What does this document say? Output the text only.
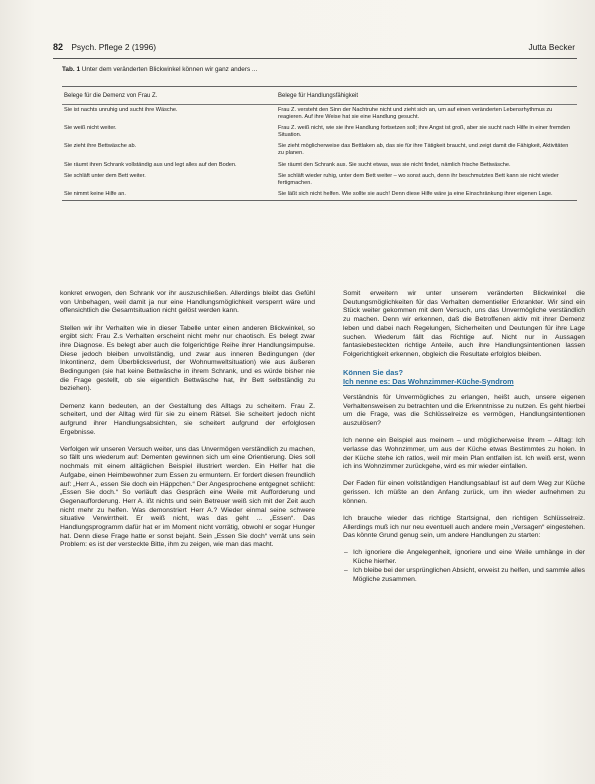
82 Psych. Pflege 2 (1996)	Jutta Becker
Tab. 1 Unter dem veränderten Blickwinkel können wir ganz anders ...
Belege für die Demenz von Frau Z.	Belege für Handlungsfähigkeit
Sie ist nachts unruhig und sucht ihre Wäsche.	Frau Z. versteht den Sinn der Nachtruhe nicht und zieht sich an, um auf einen veränderten Lebensrhythmus zu reagieren. Auf ihre Weise hat sie eine Handlung gesucht.
Sie weiß nicht weiter.	Frau Z. weiß nicht, wie sie ihre Handlung fortsetzen soll; ihre Angst ist groß, aber sie sucht nach Hilfe in einer fremden Situation.
Sie zieht ihre Bettwäsche ab.	Sie zieht möglicherweise das Bettlaken ab, das sie für ihre Tätigkeit braucht, und zeigt damit die Fähigkeit, Aktivitäten zu planen.
Sie räumt ihren Schrank vollständig aus und legt alles auf den Boden.	Sie räumt den Schrank aus. Sie sucht etwas, was sie nicht findet, nämlich frische Bettwäsche.
Sie schläft unter dem Bett weiter.	Sie schläft wieder ruhig, unter dem Bett weiter – wo sonst auch, denn ihr beschmutztes Bett kann sie nicht wieder fertigmachen.
Sie nimmt keine Hilfe an.	Sie läßt sich nicht helfen. Wie sollte sie auch! Denn diese Hilfe wäre ja eine Einschränkung ihrer eigenen Lage.

konkret erwogen, den Schrank vor ihr auszuschließen. Allerdings bleibt das Gefühl von Unbehagen, weil damit ja nur eine Handlungsmöglichkeit versperrt wäre und offensichtlich die Gesamtsituation nicht gelöst werden kann.

Stellen wir ihr Verhalten wie in dieser Tabelle unter einen anderen Blickwinkel, so ergibt sich: Frau Z.s Verhalten erscheint nicht mehr nur chaotisch. Es belegt zwar ihre Diagnose. Es belegt aber auch die folgerichtige Reihe ihrer Handlungsimpulse. Diese jedoch bleiben unvollständig, und zwar aus inneren Bedingungen (der Inkontinenz, dem Überblicksverlust, der Wohnumweltsituation) wie aus äußeren Bedingungen (sie hat keine Bettwäsche in ihrem Schrank, und es würde bisher nie die Frage gestellt, ob sie eigentlich Bettwäsche hat, ihr Bett selbständig zu beziehen).

Demenz kann bedeuten, an der Gestaltung des Alltags zu scheitern. Frau Z. scheitert, und der Alltag wird für sie zu einem Rätsel. Sie scheitert jedoch nicht aufgrund ihrer Handlungsabsichten, sie scheitert aufgrund der erfolglosen Ergebnisse.

Verfolgen wir unseren Versuch weiter, uns das Unvermögen verständlich zu machen, so fällt uns wiederum auf: Dementen gewinnen sich um eine Orientierung. Dies soll nochmals mit einem alltäglichen Beispiel illustriert werden. Ein Helfer hat die Aufgabe, einen Heimbewohner zum Essen zu ermuntern. Er fordert diesen freundlich auf: „Herr A., essen Sie doch ein Häppchen.“ Der Angesprochene entgegnet schlicht: „Essen Sie doch.“ So verläuft das Gespräch eine Weile mit Aufforderung und Gegenaufforderung. Herr A. ißt nichts und sein Betreuer weiß sich mit der Zeit auch nicht mehr zu helfen. Was demonstriert Herr A.? Wieder einmal seine schwere situative Verwirrtheit. Er weiß nicht, was das geht ... „Essen“. Das Handlungsprogramm dafür hat er im Moment nicht vorrätig, obwohl er sogar Hunger hat. Denn diese Frage hatte er sonst bejaht. Sein „Essen Sie doch“ verrät uns sein Problem: es ist der versteckte Bitte, ihm zu zeigen, wie man das macht.

Somit erweitern wir unter unserem veränderten Blickwinkel die Deutungsmöglichkeiten für das Verhalten dementieller Erkrankter. Wir sind ein Stück weiter gekommen mit dem Versuch, uns das Unvermögliche verständlich zu machen. Denn wir erkennen, daß die Betroffenen aktiv mit ihrer Demenz leben und dabei nach Regelungen, Sicherheiten und Deutungen für ihre Lage suchen. Wiederum fällt das Richtige auf. Nicht nur in Aussagen fantasiebesteckten richtige Anteile, auch ihre Handlungsintentionen lassen Folgerichtigkeit erkennen, obgleich die Resultate erfolglos bleiben.

Können Sie das?
Ich nenne es: Das Wohnzimmer-Küche-Syndrom

Verständnis für Unvermögliches zu erlangen, heißt auch, unsere eigenen Verhaltensweisen zu betrachten und die Erkenntnisse zu nutzen. Es geht hierbei um die Frage, was die Schlüsselreize es vermögen, Handlungsintentionen auszulösen?

Ich nenne ein Beispiel aus meinem – und möglicherweise Ihrem – Alltag: Ich verlasse das Wohnzimmer, um aus der Küche etwas Bestimmtes zu holen. In der Küche stehe ich ratlos, weil mir mein Plan entfallen ist. Ich weiß erst, wenn ich ins Wohnzimmer zurückgehe, wird es mir wieder einfallen.

Der Faden für einen vollständigen Handlungsablauf ist auf dem Weg zur Küche gerissen. Ich müßte an den Anfang zurück, um ihn wieder aufnehmen zu können.

Ich brauche wieder das richtige Startsignal, den richtigen Schlüsselreiz. Allerdings muß ich nur neu eventuell auch andere mein „Versagen“ eingestehen. Das könnte Grund genug sein, um andere Handlungen zu starten:

– Ich ignoriere die Angelegenheit, ignoriere und eine Weile umhänge in der Küche hierher.
– Ich bleibe bei der ursprünglichen Absicht, erweist zu helfen, und sammle alles Mögliche zusammen.
